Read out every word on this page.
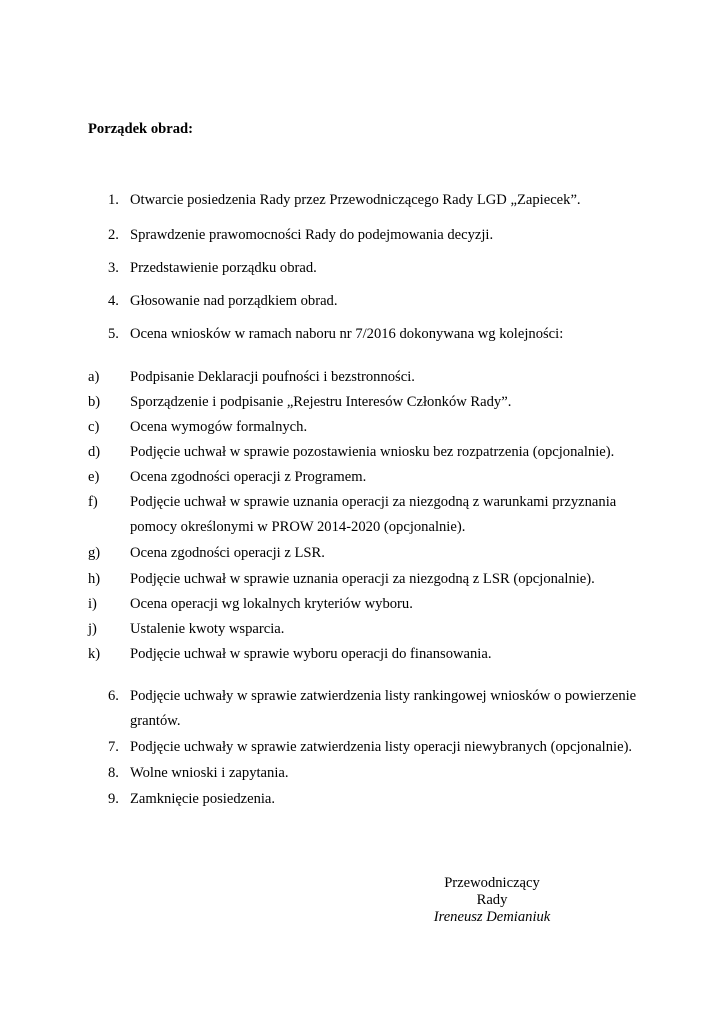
Porządek obrad:
1. Otwarcie posiedzenia Rady przez Przewodniczącego Rady LGD „Zapiecek”.
2. Sprawdzenie prawomocności Rady do podejmowania decyzji.
3. Przedstawienie porządku obrad.
4. Głosowanie nad porządkiem obrad.
5. Ocena wniosków w ramach naboru nr 7/2016 dokonywana wg kolejności:
a)	Podpisanie Deklaracji poufności i bezstronności.
b)	Sporządzenie i podpisanie „Rejestru Interesów Członków Rady”.
c)	Ocena wymogów formalnych.
d)	Podjęcie uchwał w sprawie pozostawienia wniosku bez rozpatrzenia (opcjonalnie).
e)	Ocena zgodności operacji z Programem.
f)	Podjęcie uchwał w sprawie uznania operacji za niezgodną z warunkami przyznania
pomocy określonymi w PROW 2014-2020 (opcjonalnie).
g)	Ocena zgodności operacji z LSR.
h)	Podjęcie uchwał w sprawie uznania operacji za niezgodną z LSR (opcjonalnie).
i)	Ocena operacji wg lokalnych kryteriów wyboru.
j)	Ustalenie kwoty wsparcia.
k)	Podjęcie uchwał w sprawie wyboru operacji do finansowania.
6. Podjęcie uchwały w sprawie zatwierdzenia listy rankingowej wniosków o powierzenie
grantów.
7. Podjęcie uchwały w sprawie zatwierdzenia listy operacji niewybranych (opcjonalnie).
8. Wolne wnioski i zapytania.
9. Zamknięcie posiedzenia.
Przewodniczący Rady
Ireneusz Demianiuk
